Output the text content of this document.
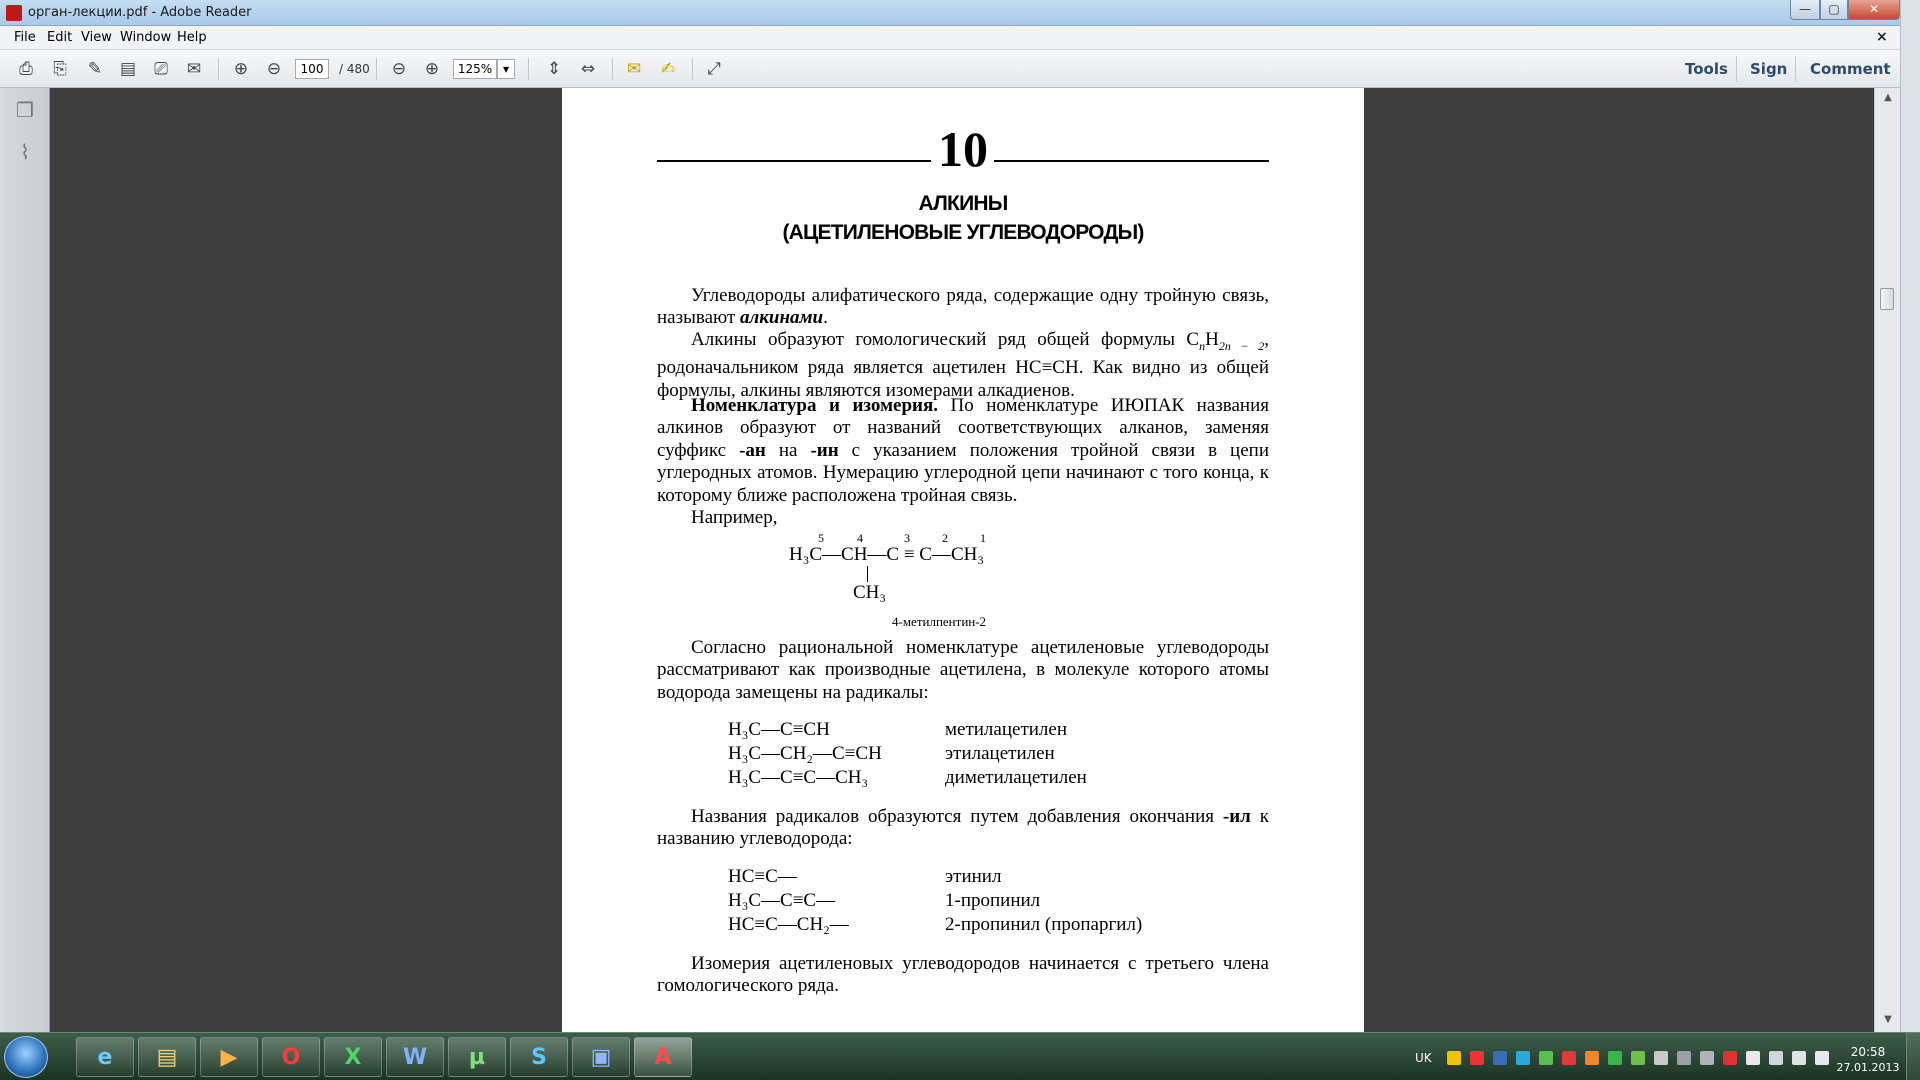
орган-лекции.pdf - Adobe Reader	—	▢	✕
File Edit View Window Help	×
⎙	⎘	✎ ▤	⎚	✉ ⊕ ⊖	100	/ 480 ⊖ ⊕	125% ▾	⇕ ⇔ ✉ ✍	⤢	Tools Sign Comment
❐
⌇	10
АЛКИНЫ
(АЦЕТИЛЕНОВЫЕ УГЛЕВОДОРОДЫ)
Углеводороды алифатического ряда, содержащие одну тройную связь, называют алкинами.
Алкины образуют гомологический ряд общей формулы $C_nH_{2n - 2}$, родоначальником ряда является ацетилен HC≡CH. Как видно из общей формулы, алкины являются изомерами алкадиенов.
Номенклатура и изомерия. По номенклатуре ИЮПАК названия алкинов образуют от названий соответствующих алканов, заменяя суффикс -ан на -ин с указанием положения тройной связи в цепи углеродных атомов. Нумерацию углеродной цепи начинают с того конца, к которому ближе расположена тройная связь.
Например,
5	4	3	2	1
H₃C—CH—C ≡ C—CH₃
CH₃
4-метилпентин-2
Согласно рациональной номенклатуре ацетиленовые углеводороды рассматривают как производные ацетилена, в молекуле которого атомы водорода замещены на радикалы:
H₃C—C≡CH	метилацетилен
H₃C—CH₂—C≡CH	этилацетилен
H₃C—C≡C—CH₃	диметилацетилен
Названия радикалов образуются путем добавления окончания -ил к названию углеводорода:
HC≡C—	этинил
H₃C—C≡C—	1-пропинил
HC≡C—CH₂—	2-пропинил (пропаргил)
Изомерия ацетиленовых углеводородов начинается с третьего члена гомологического ряда.
▲
▼
e	▤	▶	O	X	W	µ	S	▣	A	UK	20:58
27.01.2013
